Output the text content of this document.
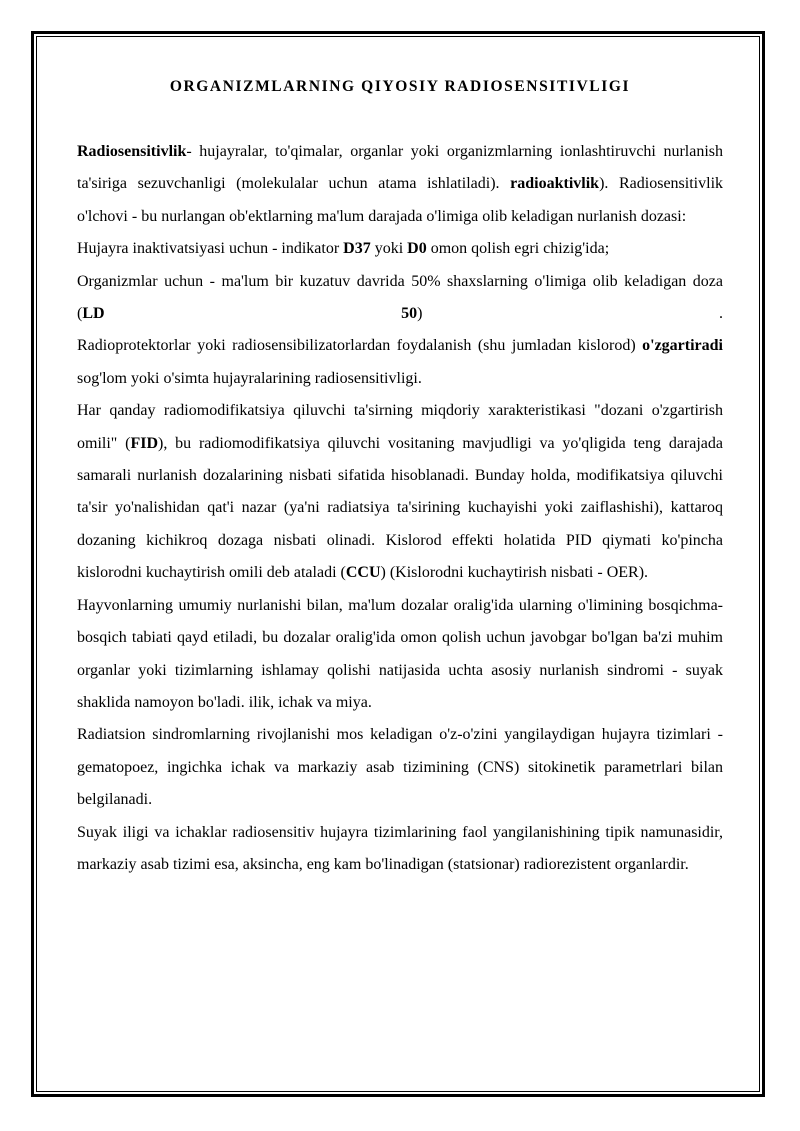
ORGANIZMLARNING QIYOSIY RADIOSENSITIVLIGI

Radiosensitivlik- hujayralar, to'qimalar, organlar yoki organizmlarning ionlashtiruvchi nurlanish ta'siriga sezuvchanligi (molekulalar uchun atama ishlatiladi). radioaktivlik). Radiosensitivlik o'lchovi - bu nurlangan ob'ektlarning ma'lum darajada o'limiga olib keladigan nurlanish dozasi:

Hujayra inaktivatsiyasi uchun - indikator D37 yoki D0 omon qolish egri chizig'ida;

Organizmlar uchun - ma'lum bir kuzatuv davrida 50% shaxslarning o'limiga olib keladigan doza (LD 50) .

Radioprotektorlar yoki radiosensibilizatorlardan foydalanish (shu jumladan kislorod) o'zgartiradi sog'lom yoki o'simta hujayralarining radiosensitivligi.

Har qanday radiomodifikatsiya qiluvchi ta'sirning miqdoriy xarakteristikasi "dozani o'zgartirish omili" (FID), bu radiomodifikatsiya qiluvchi vositaning mavjudligi va yo'qligida teng darajada samarali nurlanish dozalarining nisbati sifatida hisoblanadi. Bunday holda, modifikatsiya qiluvchi ta'sir yo'nalishidan qat'i nazar (ya'ni radiatsiya ta'sirining kuchayishi yoki zaiflashishi), kattaroq dozaning kichikroq dozaga nisbati olinadi. Kislorod effekti holatida PID qiymati ko'pincha kislorodni kuchaytirish omili deb ataladi (CCU) (Kislorodni kuchaytirish nisbati - OER).

Hayvonlarning umumiy nurlanishi bilan, ma'lum dozalar oralig'ida ularning o'limining bosqichma-bosqich tabiati qayd etiladi, bu dozalar oralig'ida omon qolish uchun javobgar bo'lgan ba'zi muhim organlar yoki tizimlarning ishlamay qolishi natijasida uchta asosiy nurlanish sindromi - suyak shaklida namoyon bo'ladi. ilik, ichak va miya.

Radiatsion sindromlarning rivojlanishi mos keladigan o'z-o'zini yangilaydigan hujayra tizimlari - gematopoez, ingichka ichak va markaziy asab tizimining (CNS) sitokinetik parametrlari bilan belgilanadi.

Suyak iligi va ichaklar radiosensitiv hujayra tizimlarining faol yangilanishining tipik namunasidir, markaziy asab tizimi esa, aksincha, eng kam bo'linadigan (statsionar) radiorezistent organlardir.
